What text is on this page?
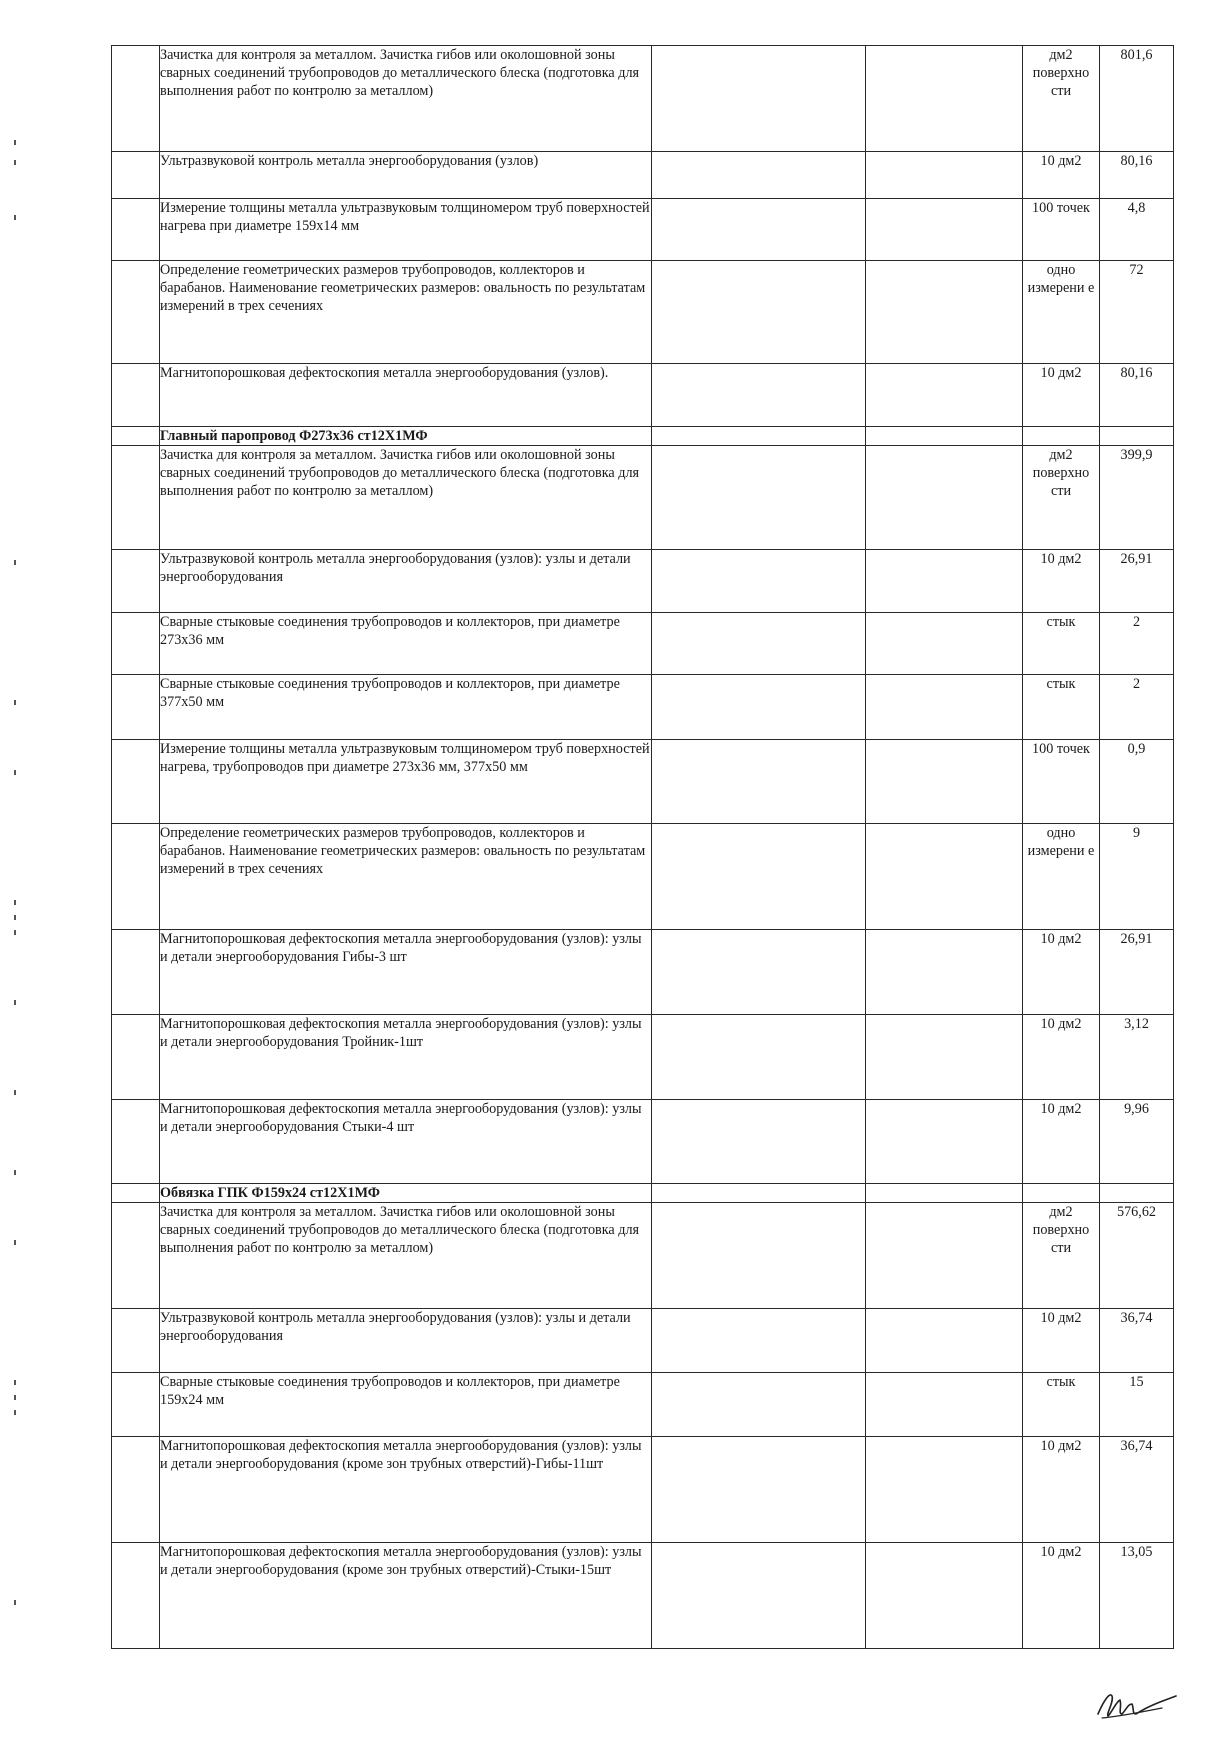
	Зачистка для контроля за металлом. Зачистка гибов или околошовной зоны сварных соединений трубопроводов до металлического блеска (подготовка для выполнения работ по контролю за металлом)			дм2 поверхно сти	801,6
	Ультразвуковой контроль металла энергооборудования (узлов)			10 дм2	80,16
	Измерение толщины металла ультразвуковым толщиномером труб поверхностей нагрева при диаметре 159х14 мм			100 точек	4,8
	Определение геометрических размеров трубопроводов, коллекторов и барабанов. Наименование геометрических размеров: овальность по результатам измерений в трех сечениях			одно измерени е	72
	Магнитопорошковая дефектоскопия металла энергооборудования (узлов).			10 дм2	80,16
	Главный паропровод Ф273х36 ст12Х1МФ				
	Зачистка для контроля за металлом. Зачистка гибов или околошовной зоны сварных соединений трубопроводов до металлического блеска (подготовка для выполнения работ по контролю за металлом)			дм2 поверхно сти	399,9
	Ультразвуковой контроль металла энергооборудования (узлов): узлы и детали энергооборудования			10 дм2	26,91
	Сварные стыковые соединения трубопроводов и коллекторов, при диаметре 273х36 мм			стык	2
	Сварные стыковые соединения трубопроводов и коллекторов, при диаметре 377х50 мм			стык	2
	Измерение толщины металла ультразвуковым толщиномером труб поверхностей нагрева, трубопроводов при диаметре 273х36 мм, 377х50 мм			100 точек	0,9
	Определение геометрических размеров трубопроводов, коллекторов и барабанов. Наименование геометрических размеров: овальность по результатам измерений в трех сечениях			одно измерени е	9
	Магнитопорошковая дефектоскопия металла энергооборудования (узлов): узлы и детали энергооборудования Гибы-3 шт			10 дм2	26,91
	Магнитопорошковая дефектоскопия металла энергооборудования (узлов): узлы и детали энергооборудования Тройник-1шт			10 дм2	3,12
	Магнитопорошковая дефектоскопия металла энергооборудования (узлов): узлы и детали энергооборудования Стыки-4 шт			10 дм2	9,96
	Обвязка ГПК Ф159х24 ст12Х1МФ				
	Зачистка для контроля за металлом. Зачистка гибов или околошовной зоны сварных соединений трубопроводов до металлического блеска (подготовка для выполнения работ по контролю за металлом)			дм2 поверхно сти	576,62
	Ультразвуковой контроль металла энергооборудования (узлов): узлы и детали энергооборудования			10 дм2	36,74
	Сварные стыковые соединения трубопроводов и коллекторов, при диаметре 159х24 мм			стык	15
	Магнитопорошковая дефектоскопия металла энергооборудования (узлов): узлы и детали энергооборудования (кроме зон трубных отверстий)-Гибы-11шт			10 дм2	36,74
	Магнитопорошковая дефектоскопия металла энергооборудования (узлов): узлы и детали энергооборудования (кроме зон трубных отверстий)-Стыки-15шт			10 дм2	13,05
